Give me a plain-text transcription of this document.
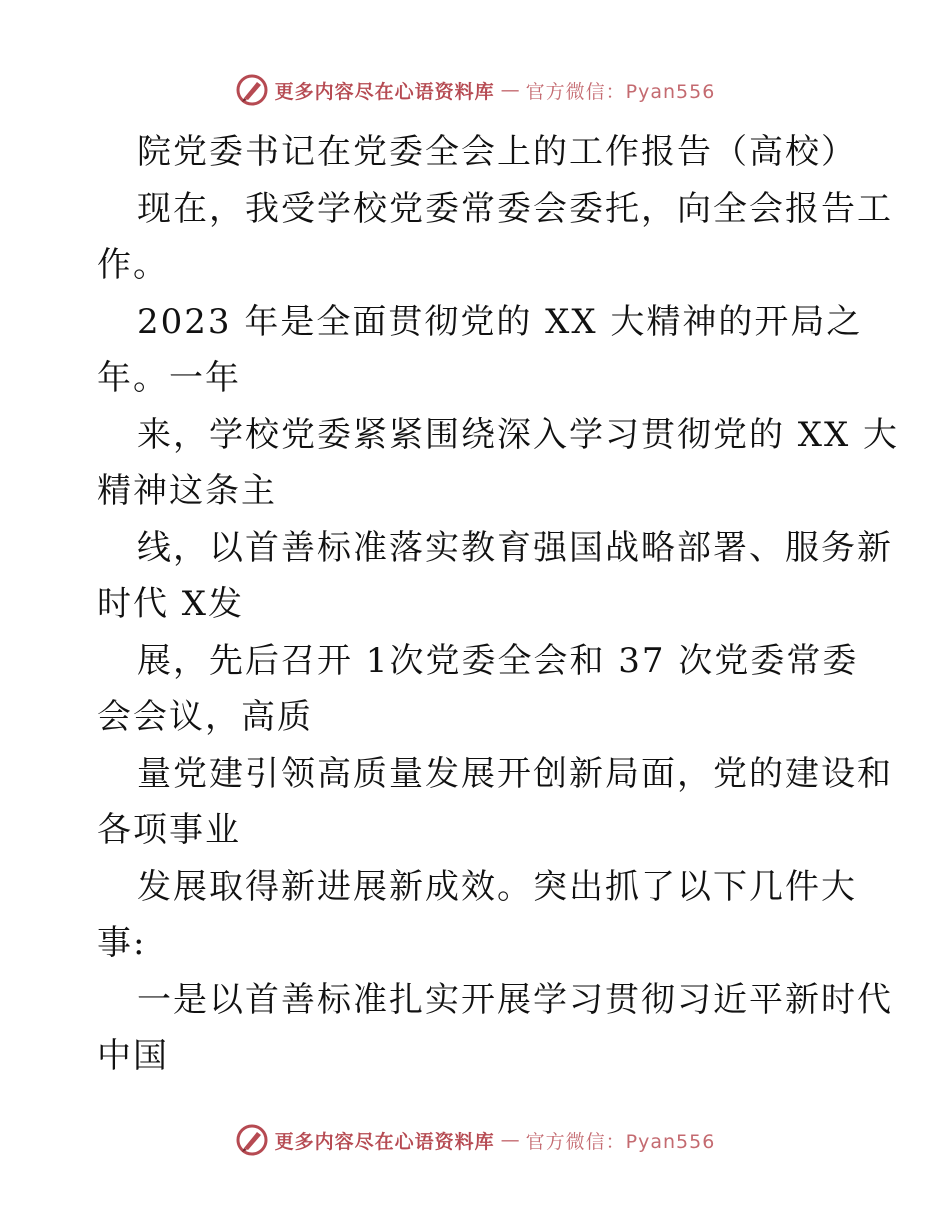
更多内容尽在心语资料库 — 官方微信：Pyan556
院党委书记在党委全会上的工作报告（高校）
现在，我受学校党委常委会委托，向全会报告工
作。
2023 年是全面贯彻党的 XX 大精神的开局之
年。一年
来，学校党委紧紧围绕深入学习贯彻党的 XX 大
精神这条主
线，以首善标准落实教育强国战略部署、服务新
时代 X发
展，先后召开 1次党委全会和 37 次党委常委
会会议，高质
量党建引领高质量发展开创新局面，党的建设和
各项事业
发展取得新进展新成效。突出抓了以下几件大
事:
一是以首善标准扎实开展学习贯彻习近平新时代
中国
更多内容尽在心语资料库 — 官方微信：Pyan556
